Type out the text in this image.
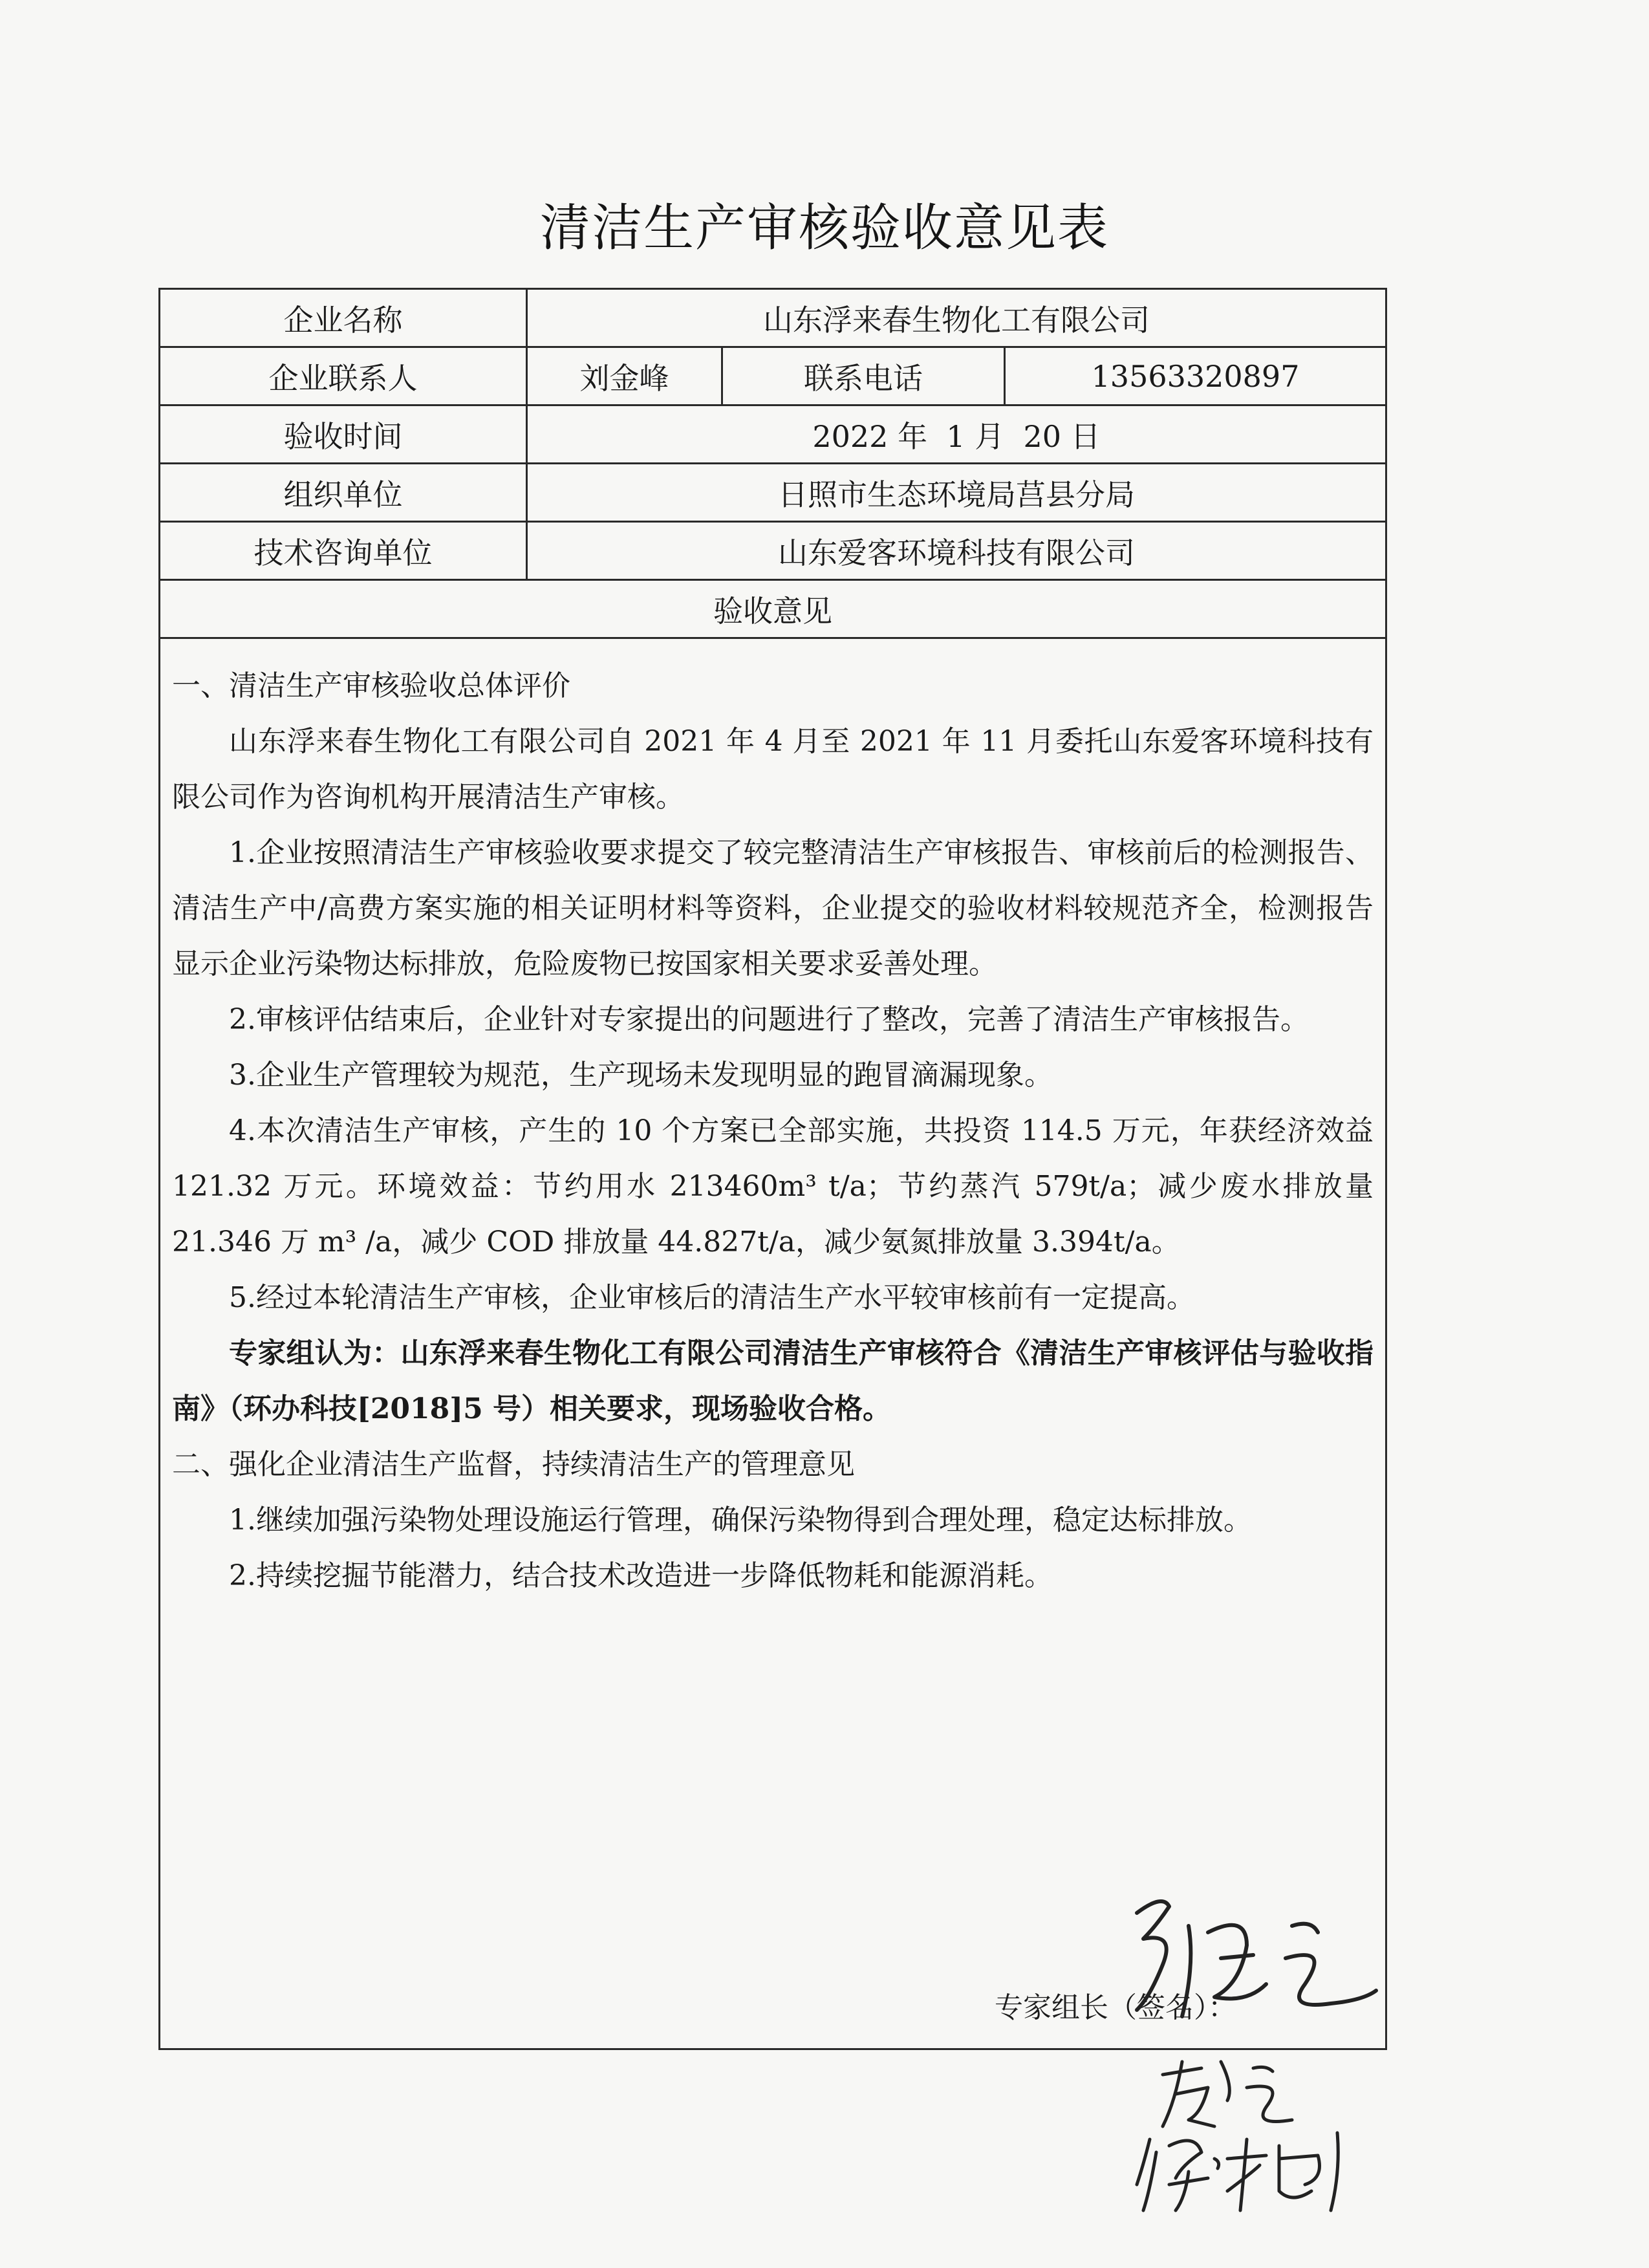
清洁生产审核验收意见表
企业名称	山东浮来春生物化工有限公司
企业联系人	刘金峰	联系电话	13563320897
验收时间	2022 年  1 月  20 日
组织单位	日照市生态环境局莒县分局
技术咨询单位	山东爱客环境科技有限公司
验收意见

一、清洁生产审核验收总体评价

山东浮来春生物化工有限公司自 2021 年 4 月至 2021 年 11 月委托山东爱客环境科技有限公司作为咨询机构开展清洁生产审核。

1.企业按照清洁生产审核验收要求提交了较完整清洁生产审核报告、审核前后的检测报告、清洁生产中/高费方案实施的相关证明材料等资料，企业提交的验收材料较规范齐全，检测报告显示企业污染物达标排放，危险废物已按国家相关要求妥善处理。

2.审核评估结束后，企业针对专家提出的问题进行了整改，完善了清洁生产审核报告。

3.企业生产管理较为规范，生产现场未发现明显的跑冒滴漏现象。

4.本次清洁生产审核，产生的 10 个方案已全部实施，共投资 114.5 万元，年获经济效益 121.32 万元。环境效益：节约用水 213460m³ t/a；节约蒸汽 579t/a；减少废水排放量 21.346 万 m³ /a，减少 COD 排放量 44.827t/a，减少氨氮排放量 3.394t/a。

5.经过本轮清洁生产审核，企业审核后的清洁生产水平较审核前有一定提高。

专家组认为：山东浮来春生物化工有限公司清洁生产审核符合《清洁生产审核评估与验收指南》（环办科技[2018]5 号）相关要求，现场验收合格。

二、强化企业清洁生产监督，持续清洁生产的管理意见

1.继续加强污染物处理设施运行管理，确保污染物得到合理处理，稳定达标排放。

2.持续挖掘节能潜力，结合技术改造进一步降低物耗和能源消耗。

专家组长（签名）：
